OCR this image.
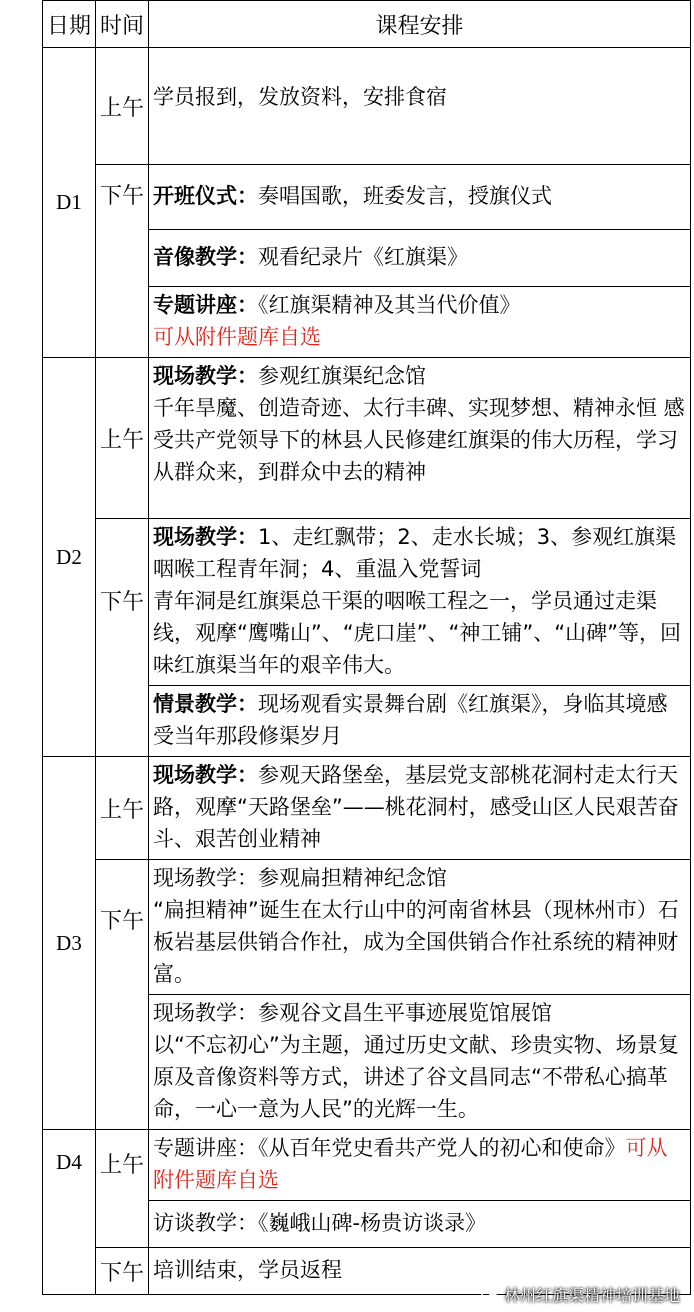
日期	时间	课程安排
D1	上午	学员报到，发放资料，安排食宿

	下午	开班仪式：奏唱国歌，班委发言，授旗仪式
		音像教学：观看纪录片《红旗渠》
		专题讲座：《红旗渠精神及其当代价值》
可从附件题库自选
D2	上午	现场教学：参观红旗渠纪念馆
千年旱魔、创造奇迹、太行丰碑、实现梦想、精神永恒 感受共产党领导下的林县人民修建红旗渠的伟大历程，学习从群众来，到群众中去的精神

	下午	现场教学：1、走红飘带；2、走水长城；3、参观红旗渠咽喉工程青年洞；4、重温入党誓词
青年洞是红旗渠总干渠的咽喉工程之一，学员通过走渠线，观摩“鹰嘴山”、“虎口崖”、“神工铺”、“山碑”等，回味红旗渠当年的艰辛伟大。

		情景教学：现场观看实景舞台剧《红旗渠》，身临其境感受当年那段修渠岁月
D3	上午	现场教学：参观天路堡垒，基层党支部桃花洞村走太行天路，观摩“天路堡垒”——桃花洞村，感受山区人民艰苦奋斗、艰苦创业精神
	下午	现场教学：参观扁担精神纪念馆
“扁担精神”诞生在太行山中的河南省林县（现林州市）石板岩基层供销合作社，成为全国供销合作社系统的精神财富。

		现场教学：参观谷文昌生平事迹展览馆展馆
以“不忘初心”为主题，通过历史文献、珍贵实物、场景复原及音像资料等方式，讲述了谷文昌同志“不带私心搞革命，一心一意为人民”的光辉一生。

D4	上午	专题讲座：《从百年党史看共产党人的初心和使命》可从附件题库自选
		访谈教学：《巍峨山碑-杨贵访谈录》
	下午	培训结束，学员返程
林州红旗渠精神培训基地
